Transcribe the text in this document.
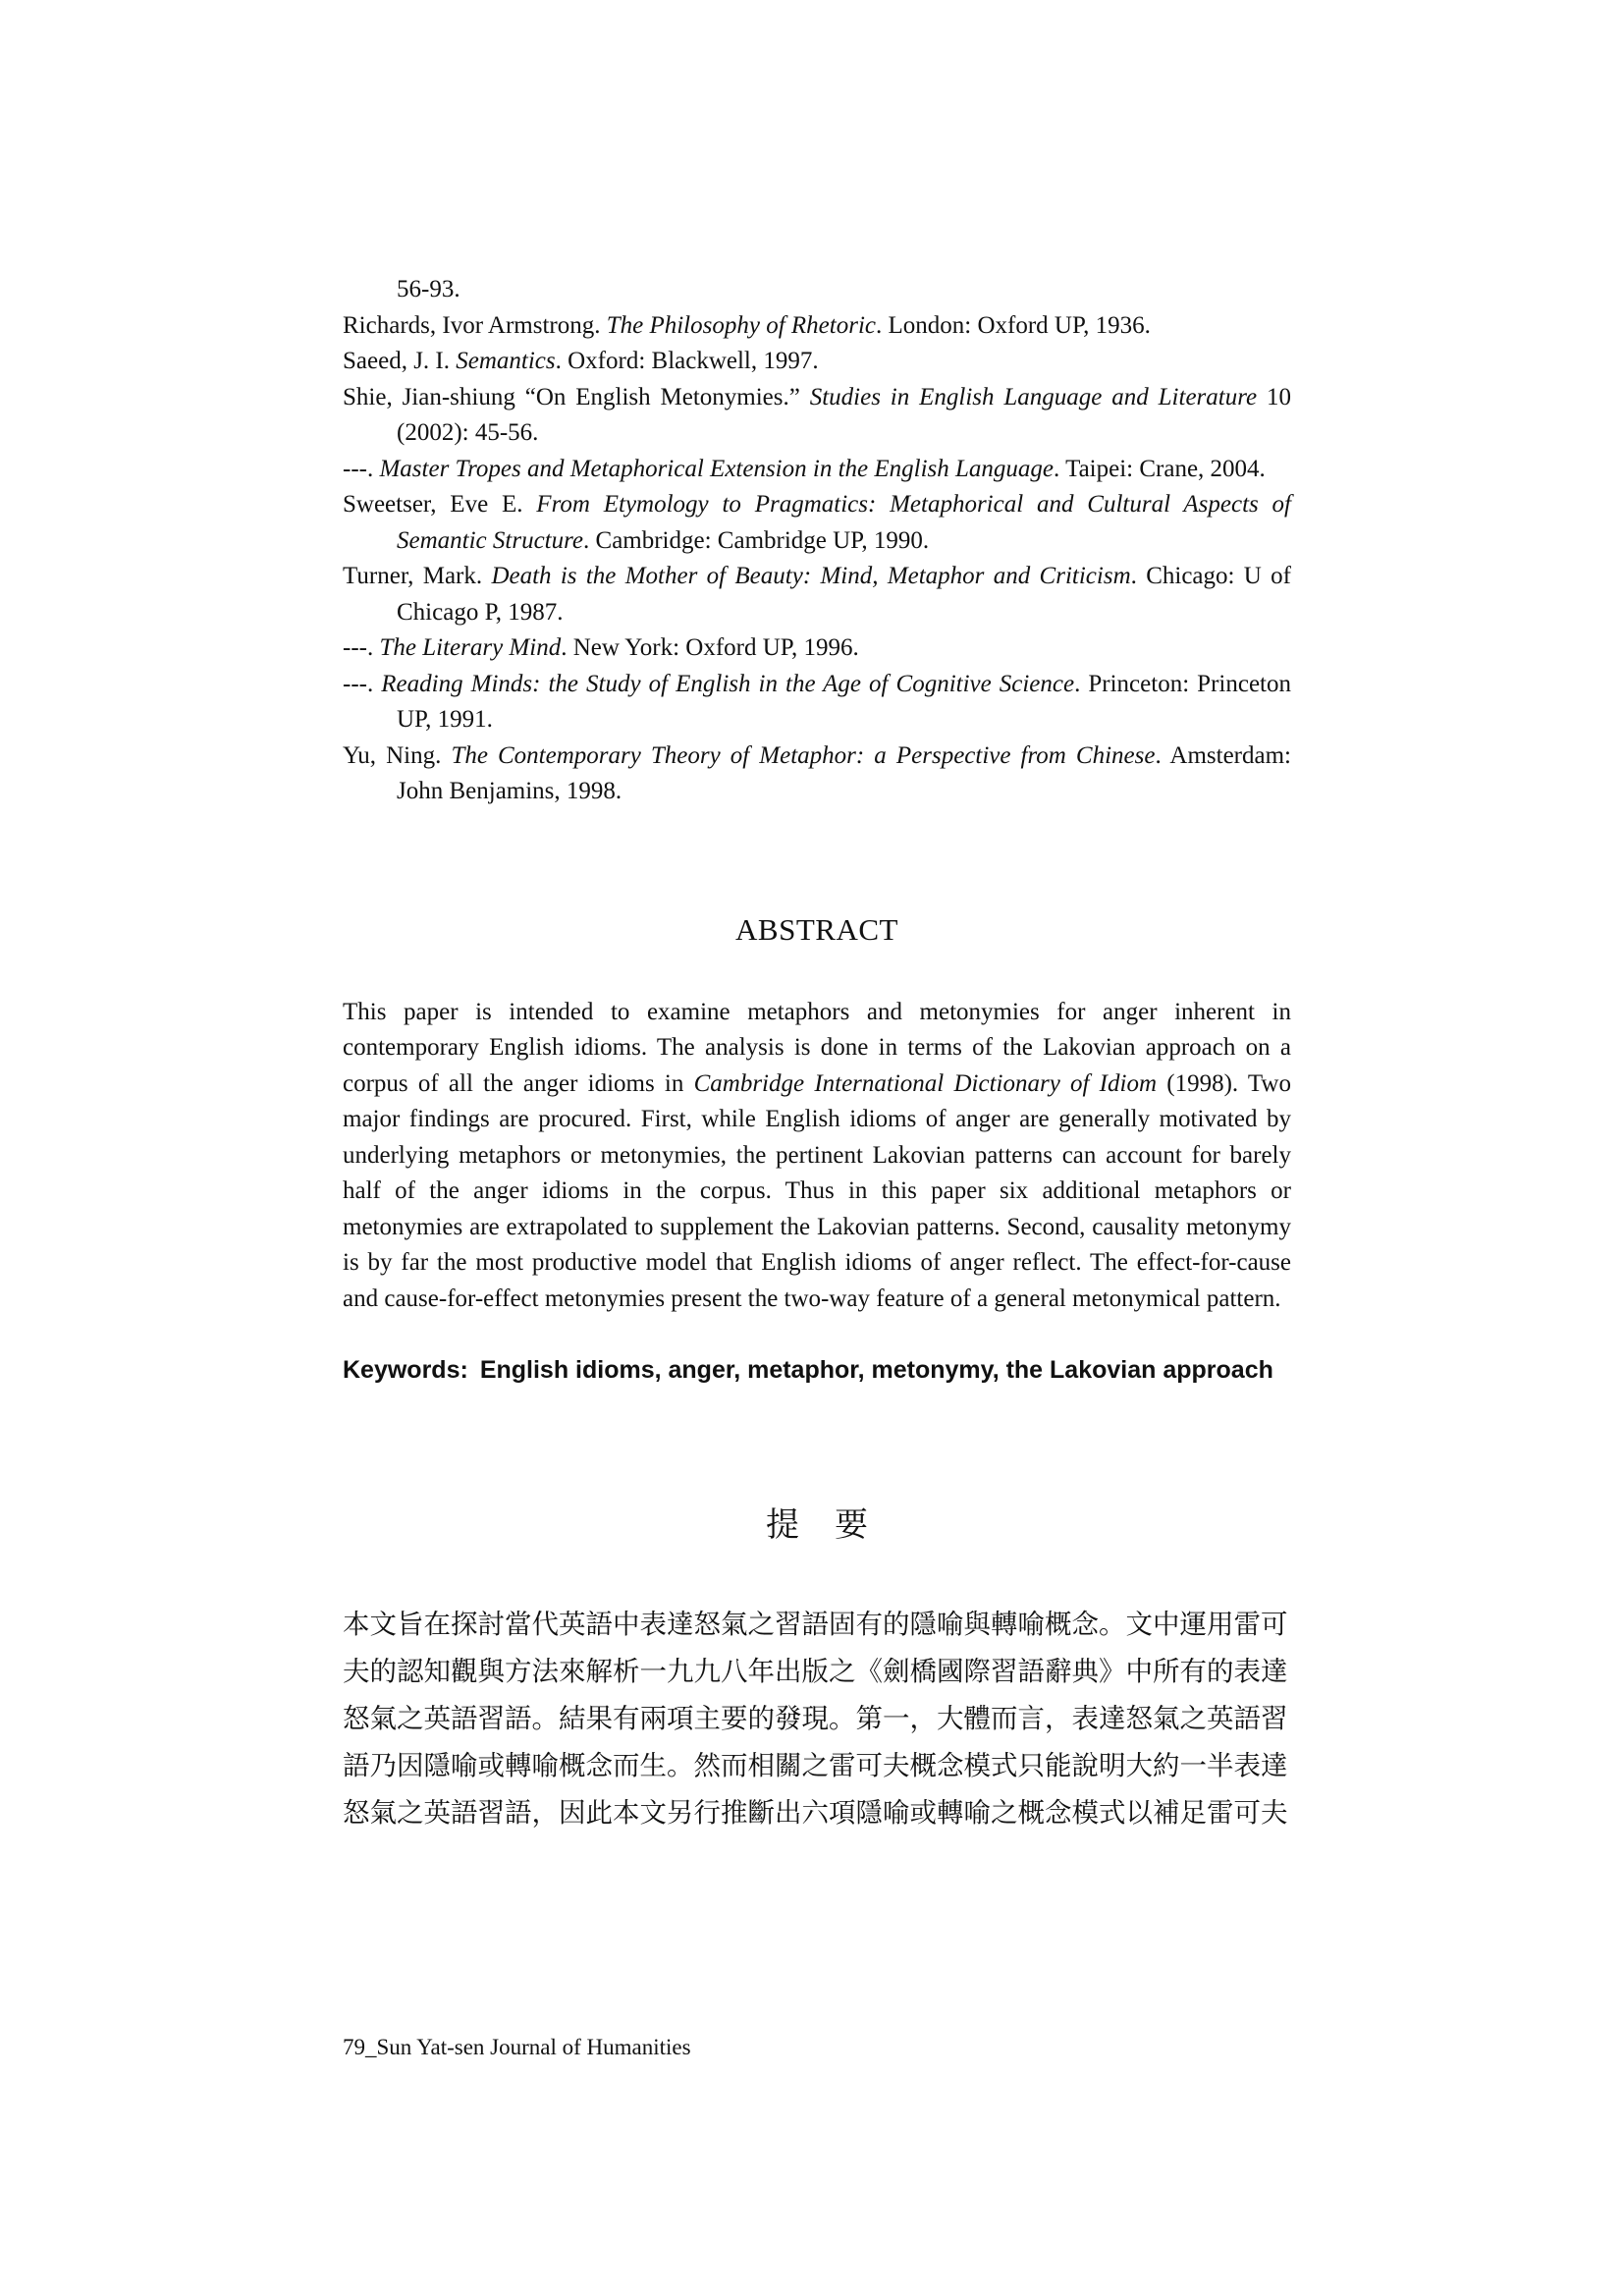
56-93.
Richards, Ivor Armstrong. The Philosophy of Rhetoric. London: Oxford UP, 1936.
Saeed, J. I. Semantics. Oxford: Blackwell, 1997.
Shie, Jian-shiung “On English Metonymies.” Studies in English Language and Literature 10 (2002): 45-56.
---. Master Tropes and Metaphorical Extension in the English Language. Taipei: Crane, 2004.
Sweetser, Eve E. From Etymology to Pragmatics: Metaphorical and Cultural Aspects of Semantic Structure. Cambridge: Cambridge UP, 1990.
Turner, Mark. Death is the Mother of Beauty: Mind, Metaphor and Criticism. Chicago: U of Chicago P, 1987.
---. The Literary Mind. New York: Oxford UP, 1996.
---. Reading Minds: the Study of English in the Age of Cognitive Science. Princeton: Princeton UP, 1991.
Yu, Ning. The Contemporary Theory of Metaphor: a Perspective from Chinese. Amsterdam: John Benjamins, 1998.
ABSTRACT
This paper is intended to examine metaphors and metonymies for anger inherent in contemporary English idioms. The analysis is done in terms of the Lakovian approach on a corpus of all the anger idioms in Cambridge International Dictionary of Idiom (1998). Two major findings are procured. First, while English idioms of anger are generally motivated by underlying metaphors or metonymies, the pertinent Lakovian patterns can account for barely half of the anger idioms in the corpus. Thus in this paper six additional metaphors or metonymies are extrapolated to supplement the Lakovian patterns. Second, causality metonymy is by far the most productive model that English idioms of anger reflect. The effect-for-cause and cause-for-effect metonymies present the two-way feature of a general metonymical pattern.
Keywords: English idioms, anger, metaphor, metonymy, the Lakovian approach
提要
本文旨在探討當代英語中表達怒氣之習語固有的隱喻與轉喻概念。文中運用雷可
夫的認知觀與方法來解析一九九八年出版之《劍橋國際習語辭典》中所有的表達
怒氣之英語習語。結果有兩項主要的發現。第一，大體而言，表達怒氣之英語習
語乃因隱喻或轉喻概念而生。然而相關之雷可夫概念模式只能說明大約一半表達
怒氣之英語習語，因此本文另行推斷出六項隱喻或轉喻之概念模式以補足雷可夫
79_Sun Yat-sen Journal of Humanities
